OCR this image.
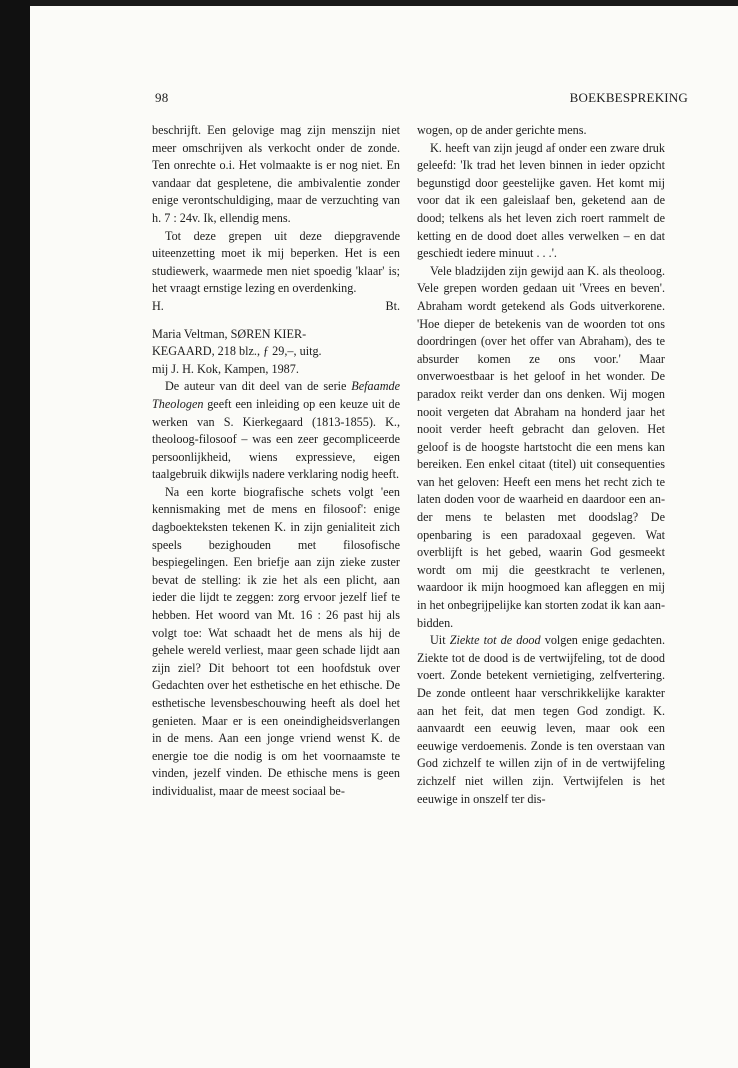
98	BOEKBESPREKING

beschrijft. Een gelovige mag zijn menszijn niet meer omschrijven als verkocht onder de zonde. Ten onrechte o.i. Het volmaakte is er nog niet. En vandaar dat gespletene, die ambivalentie zonder enige verontschuldiging, maar de verzuchting van h. 7 : 24v. Ik, ellendig mens.

Tot deze grepen uit deze diepgravende uiteenzetting moet ik mij beperken. Het is een studiewerk, waarmede men niet spoedig 'klaar' is; het vraagt ernstige lezing en overdenking.

H.	Bt.

Maria Veltman, SØREN KIER-
KEGAARD, 218 blz., ƒ 29,–, uitg.
mij J. H. Kok, Kampen, 1987.

De auteur van dit deel van de serie Befaamde Theologen geeft een inleiding op een keuze uit de werken van S. Kierkegaard (1813-1855). K., theoloog-filosoof – was een zeer gecompliceerde persoonlijkheid, wiens expressieve, eigen taalgebruik dikwijls nadere verklaring nodig heeft.

Na een korte biografische schets volgt 'een kennismaking met de mens en filosoof': enige dagboekteksten tekenen K. in zijn genialiteit zich speels bezighouden met filosofische bespiegelingen. Een briefje aan zijn zieke zuster bevat de stelling: ik zie het als een plicht, aan ieder die lijdt te zeggen: zorg ervoor jezelf lief te hebben. Het woord van Mt. 16 : 26 past hij als volgt toe: Wat schaadt het de mens als hij de gehele wereld verliest, maar geen schade lijdt aan zijn ziel? Dit behoort tot een hoofdstuk over Gedachten over het esthetische en het ethische. De esthetische levensbeschouwing heeft als doel het genieten. Maar er is een oneindigheidsverlangen in de mens. Aan een jonge vriend wenst K. de energie toe die nodig is om het voornaamste te vinden, jezelf vinden. De ethische mens is geen individualist, maar de meest sociaal be-

wogen, op de ander gerichte mens.

K. heeft van zijn jeugd af onder een zware druk geleefd: 'Ik trad het leven binnen in ieder opzicht begunstigd door geestelijke gaven. Het komt mij voor dat ik een galeislaaf ben, geketend aan de dood; telkens als het leven zich roert rammelt de ketting en de dood doet alles verwelken – en dat geschiedt iedere minuut . . .'.

Vele bladzijden zijn gewijd aan K. als theoloog. Vele grepen worden gedaan uit 'Vrees en beven'. Abraham wordt getekend als Gods uitverkorene. 'Hoe dieper de betekenis van de woorden tot ons doordringen (over het offer van Abraham), des te absurder komen ze ons voor.' Maar onverwoestbaar is het geloof in het wonder. De paradox reikt verder dan ons denken. Wij mogen nooit vergeten dat Abraham na honderd jaar het nooit verder heeft gebracht dan geloven. Het geloof is de hoogste hartstocht die een mens kan bereiken. Een enkel citaat (titel) uit consequenties van het geloven: Heeft een mens het recht zich te laten doden voor de waarheid en daardoor een ander mens te belasten met doodslag? De openbaring is een paradoxaal gegeven. Wat overblijft is het gebed, waarin God gesmeekt wordt om mij die geestkracht te verlenen, waardoor ik mijn hoogmoed kan afleggen en mij in het onbegrijpelijke kan storten zodat ik kan aanbidden.

Uit Ziekte tot de dood volgen enige gedachten. Ziekte tot de dood is de vertwijfeling, tot de dood voert. Zonde betekent vernietiging, zelfvertering. De zonde ontleent haar verschrikkelijke karakter aan het feit, dat men tegen God zondigt. K. aanvaardt een eeuwig leven, maar ook een eeuwige verdoemenis. Zonde is ten overstaan van God zichzelf te willen zijn of in de vertwijfeling zichzelf niet willen zijn. Vertwijfelen is het eeuwige in onszelf ter dis-
